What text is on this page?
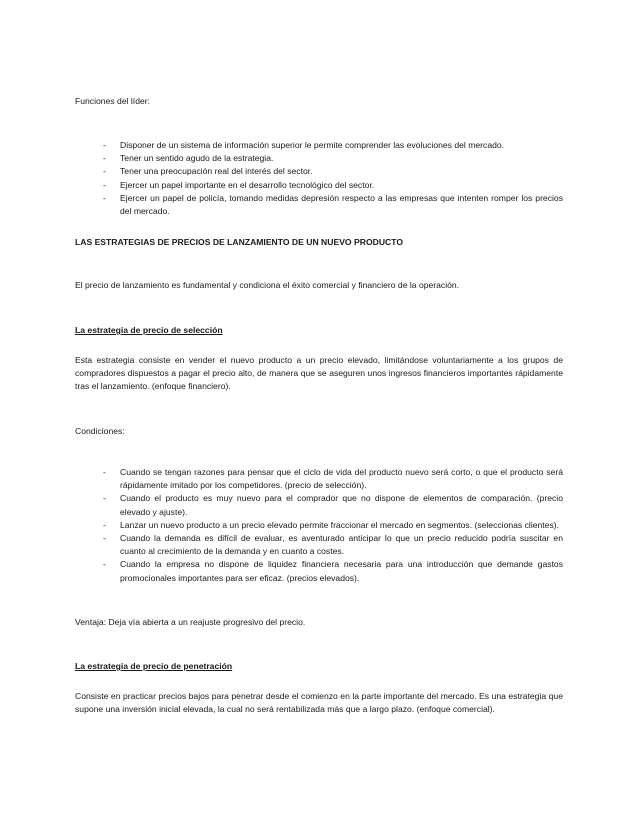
Funciones del líder:

- Disponer de un sistema de información superior le permite comprender las evoluciones del mercado.
- Tener un sentido agudo de la estrategia.
- Tener una preocupación real del interés del sector.
- Ejercer un papel importante en el desarrollo tecnológico del sector.
- Ejercer un papel de policía, tomando medidas depresión respecto a las empresas que intenten romper los precios del mercado.

LAS ESTRATEGIAS DE PRECIOS DE LANZAMIENTO DE UN NUEVO PRODUCTO

El precio de lanzamiento es fundamental y condiciona el éxito comercial y financiero de la operación.

La estrategia de precio de selección

Esta estrategia consiste en vender el nuevo producto a un precio elevado, limitándose voluntariamente a los grupos de compradores dispuestos a pagar el precio alto, de manera que se aseguren unos ingresos financieros importantes rápidamente tras el lanzamiento. (enfoque financiero).

Condiciones:

- Cuando se tengan razones para pensar que el ciclo de vida del producto nuevo será corto, o que el producto será rápidamente imitado por los competidores. (precio de selección).
- Cuando el producto es muy nuevo para el comprador que no dispone de elementos de comparación. (precio elevado y ajuste).
- Lanzar un nuevo producto a un precio elevado permite fraccionar el mercado en segmentos. (seleccionas clientes).
- Cuando la demanda es difícil de evaluar, es aventurado anticipar lo que un precio reducido podría suscitar en cuanto al crecimiento de la demanda y en cuanto a costes.
- Cuando la empresa no dispone de liquidez financiera necesaria para una introducción que demande gastos promocionales importantes para ser eficaz. (precios elevados).

Ventaja: Deja vía abierta a un reajuste progresivo del precio.

La estrategia de precio de penetración

Consiste en practicar precios bajos para penetrar desde el comienzo en la parte importante del mercado. Es una estrategia que supone una inversión inicial elevada, la cual no será rentabilizada más que a largo plazo. (enfoque comercial).
